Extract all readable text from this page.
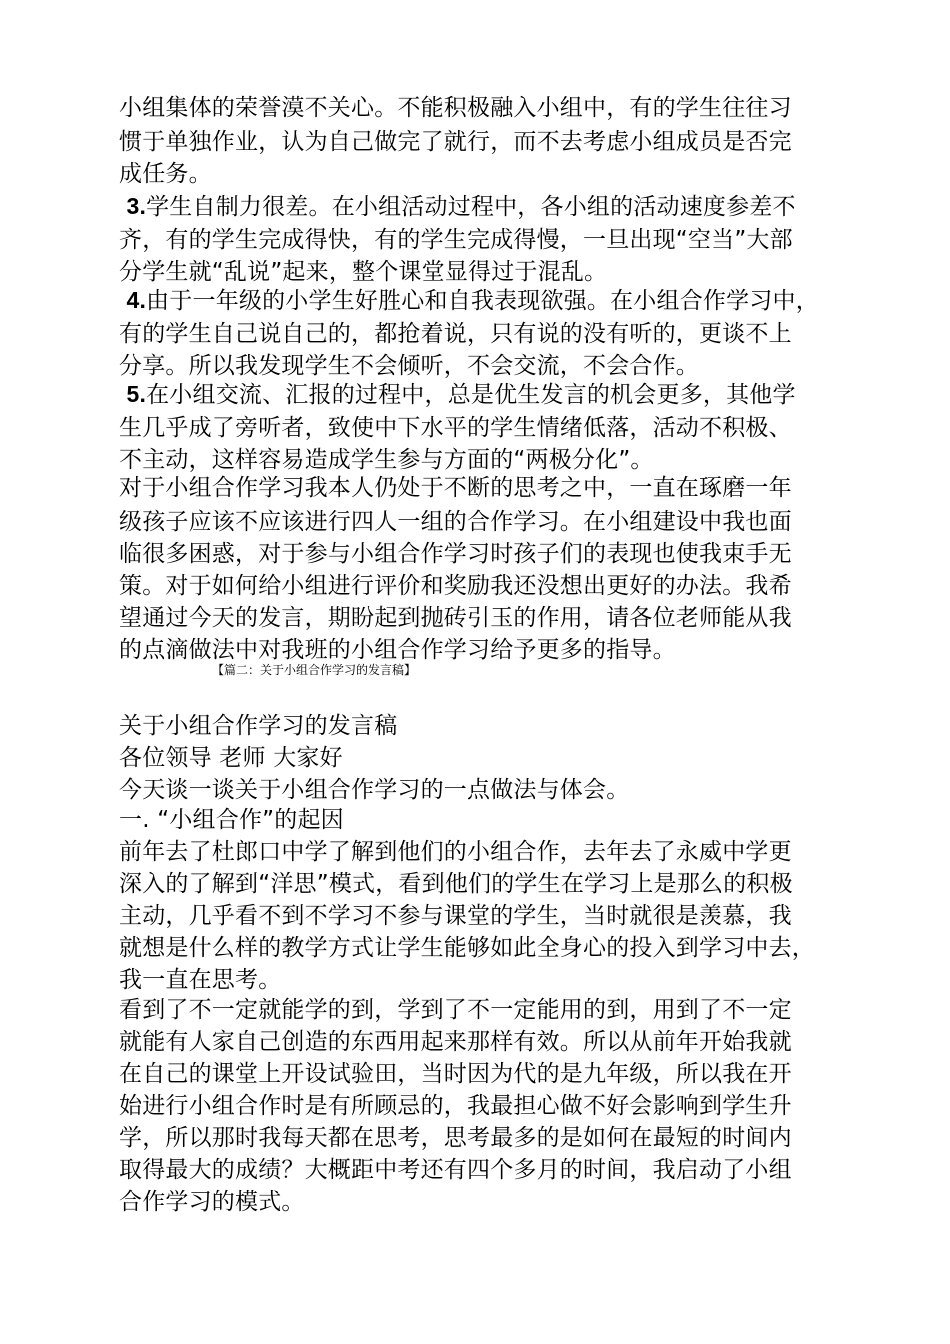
小组集体的荣誉漠不关心。不能积极融入小组中，有的学生往往习
惯于单独作业，认为自己做完了就行，而不去考虑小组成员是否完
成任务。
3.学生自制力很差。在小组活动过程中，各小组的活动速度参差不
齐，有的学生完成得快，有的学生完成得慢，一旦出现“空当”大部
分学生就“乱说”起来，整个课堂显得过于混乱。
4.由于一年级的小学生好胜心和自我表现欲强。在小组合作学习中，
有的学生自己说自己的，都抢着说，只有说的没有听的，更谈不上
分享。所以我发现学生不会倾听，不会交流，不会合作。
5.在小组交流、汇报的过程中，总是优生发言的机会更多，其他学
生几乎成了旁听者，致使中下水平的学生情绪低落，活动不积极、
不主动，这样容易造成学生参与方面的“两极分化”。
对于小组合作学习我本人仍处于不断的思考之中，一直在琢磨一年
级孩子应该不应该进行四人一组的合作学习。在小组建设中我也面
临很多困惑，对于参与小组合作学习时孩子们的表现也使我束手无
策。对于如何给小组进行评价和奖励我还没想出更好的办法。我希
望通过今天的发言，期盼起到抛砖引玉的作用，请各位老师能从我
的点滴做法中对我班的小组合作学习给予更多的指导。
【篇二：关于小组合作学习的发言稿】
关于小组合作学习的发言稿
各位领导 老师 大家好
今天谈一谈关于小组合作学习的一点做法与体会。
一. “小组合作”的起因
前年去了杜郎口中学了解到他们的小组合作，去年去了永威中学更
深入的了解到“洋思”模式，看到他们的学生在学习上是那么的积极
主动，几乎看不到不学习不参与课堂的学生，当时就很是羡慕，我
就想是什么样的教学方式让学生能够如此全身心的投入到学习中去，
我一直在思考。
看到了不一定就能学的到，学到了不一定能用的到，用到了不一定
就能有人家自己创造的东西用起来那样有效。所以从前年开始我就
在自己的课堂上开设试验田，当时因为代的是九年级，所以我在开
始进行小组合作时是有所顾忌的，我最担心做不好会影响到学生升
学，所以那时我每天都在思考，思考最多的是如何在最短的时间内
取得最大的成绩？大概距中考还有四个多月的时间，我启动了小组
合作学习的模式。
